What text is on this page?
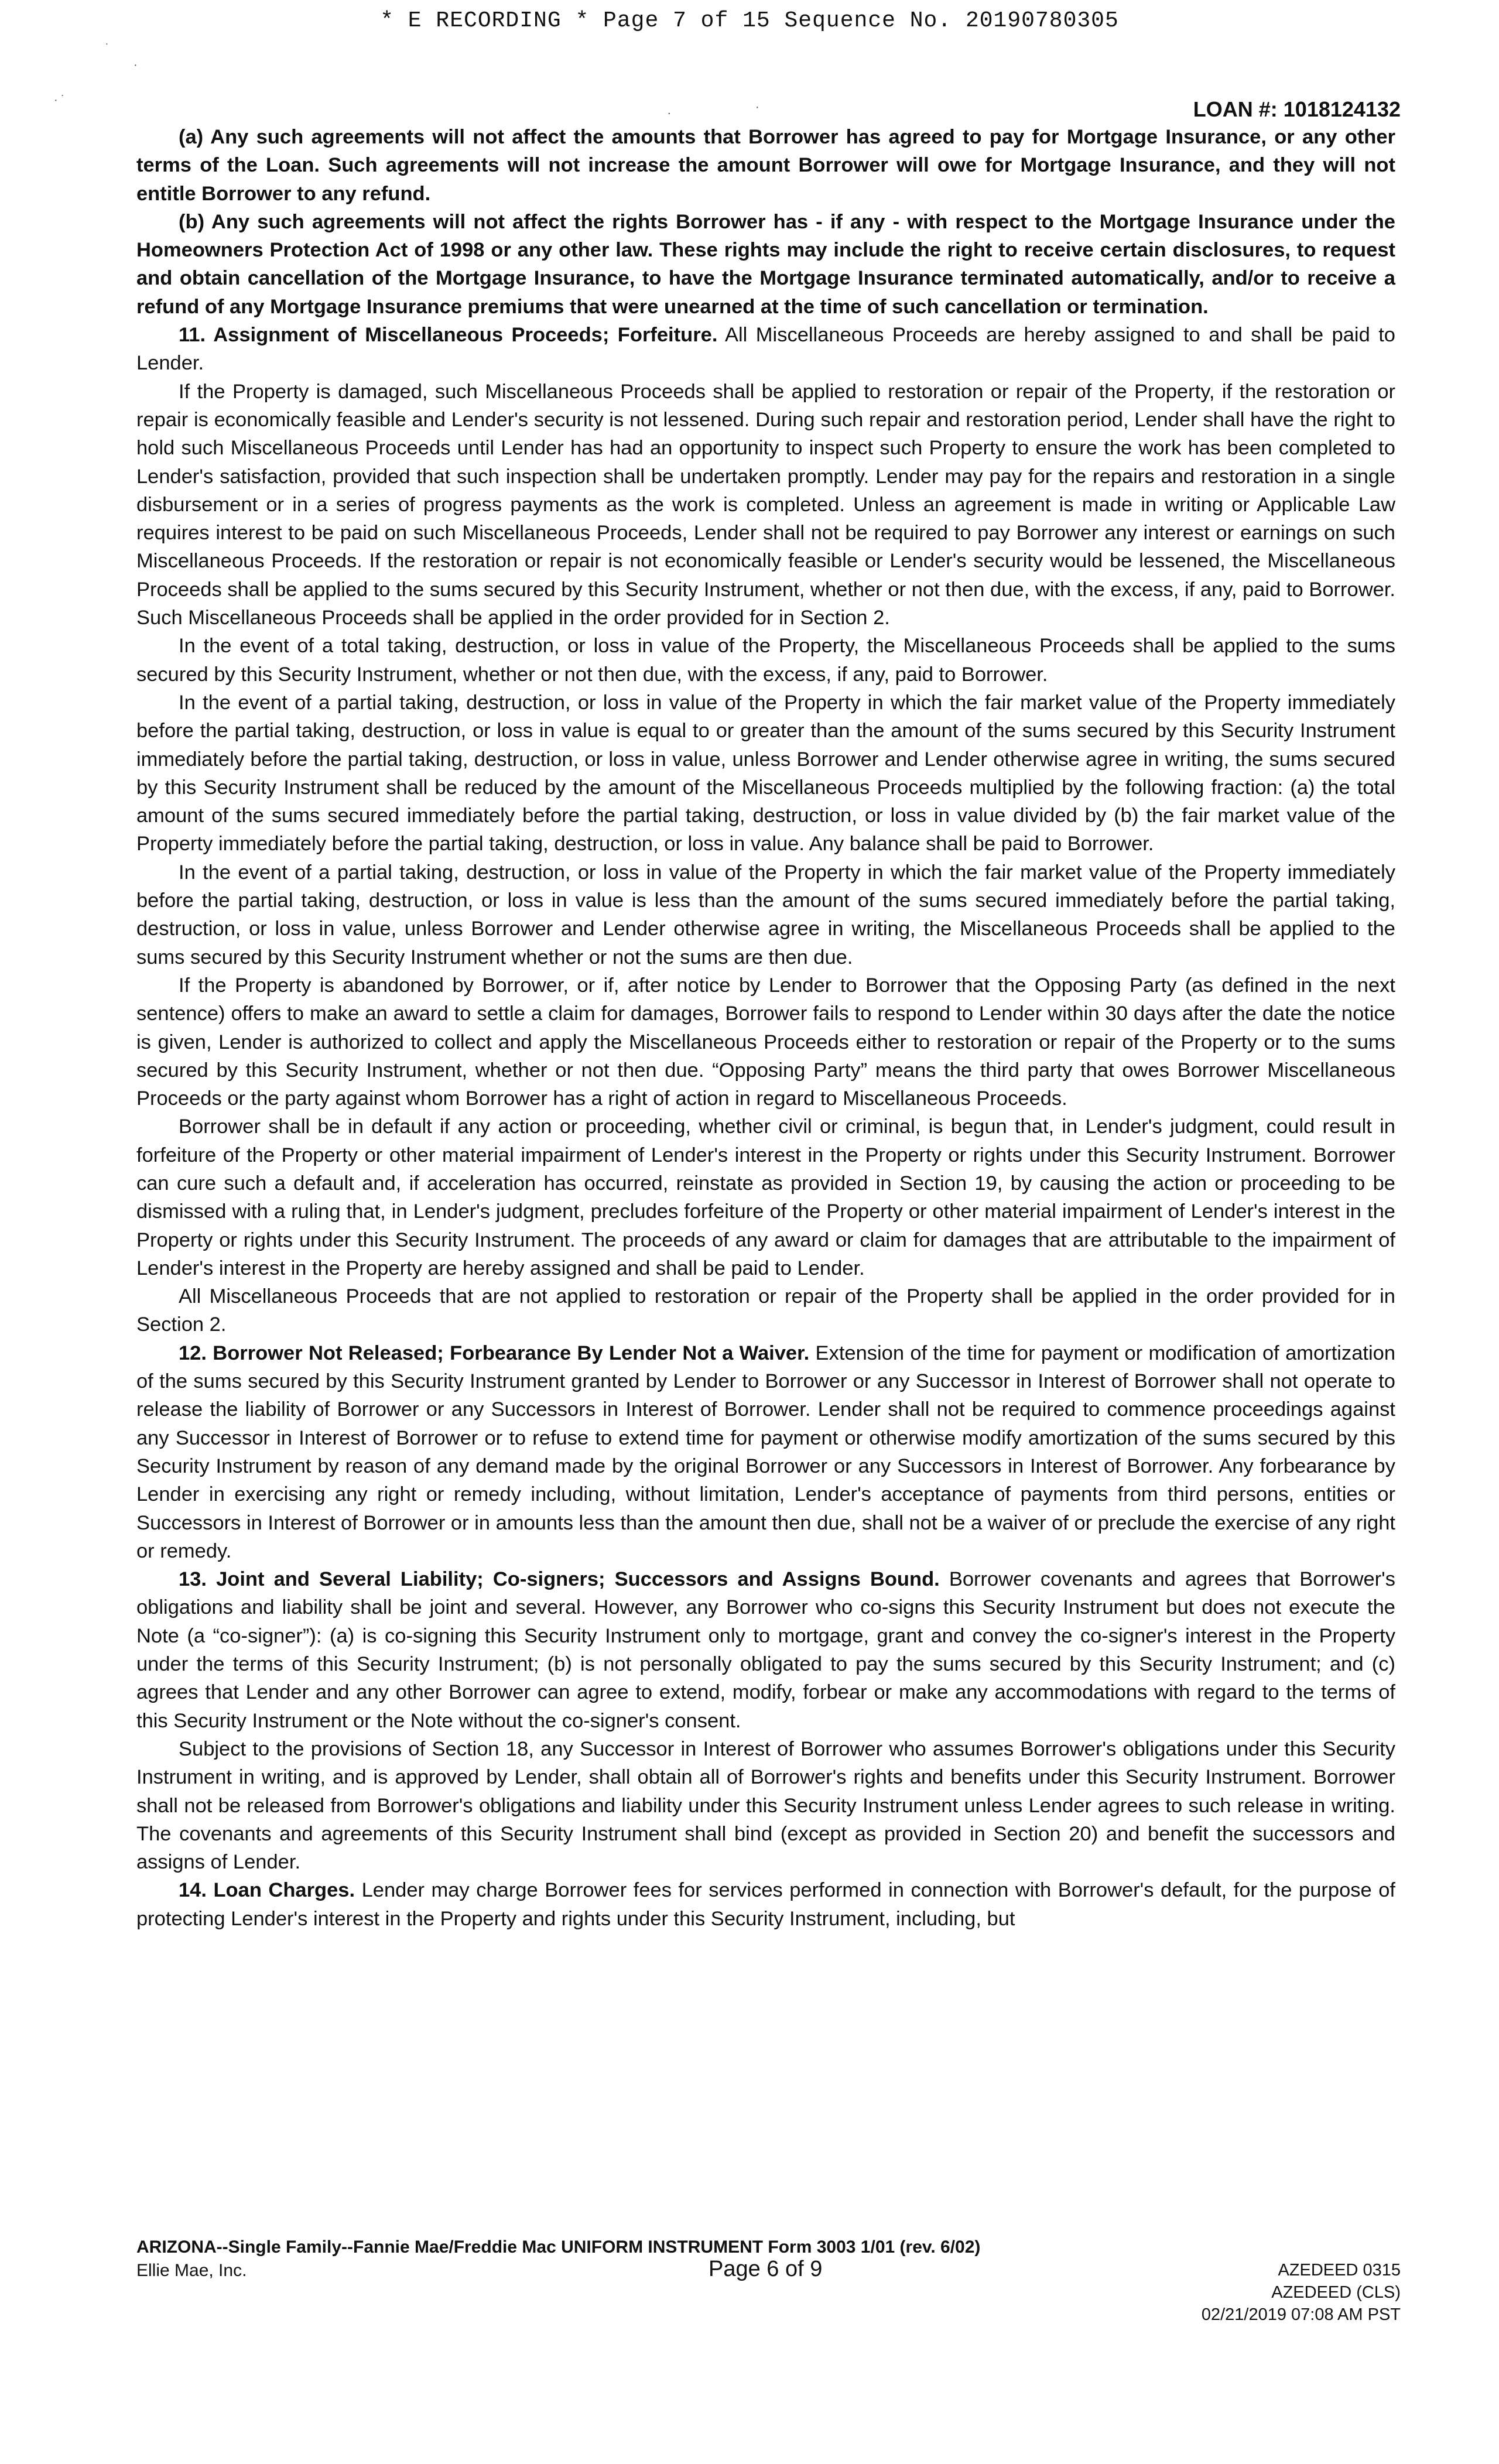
* E RECORDING * Page 7 of 15 Sequence No. 20190780305
˙
·
· ˙
.	·	LOAN #: 1018124132

(a) Any such agreements will not affect the amounts that Borrower has agreed to pay for Mortgage Insurance, or any other terms of the Loan. Such agreements will not increase the amount Borrower will owe for Mortgage Insurance, and they will not entitle Borrower to any refund.

(b) Any such agreements will not affect the rights Borrower has - if any - with respect to the Mortgage Insurance under the Homeowners Protection Act of 1998 or any other law. These rights may include the right to receive certain disclosures, to request and obtain cancellation of the Mortgage Insurance, to have the Mortgage Insurance terminated automatically, and/or to receive a refund of any Mortgage Insurance premiums that were unearned at the time of such cancellation or termination.

11. Assignment of Miscellaneous Proceeds; Forfeiture. All Miscellaneous Proceeds are hereby assigned to and shall be paid to Lender.

If the Property is damaged, such Miscellaneous Proceeds shall be applied to restoration or repair of the Property, if the restoration or repair is economically feasible and Lender's security is not lessened. During such repair and restoration period, Lender shall have the right to hold such Miscellaneous Proceeds until Lender has had an opportunity to inspect such Property to ensure the work has been completed to Lender's satisfaction, provided that such inspection shall be undertaken promptly. Lender may pay for the repairs and restoration in a single disbursement or in a series of progress payments as the work is completed. Unless an agreement is made in writing or Applicable Law requires interest to be paid on such Miscellaneous Proceeds, Lender shall not be required to pay Borrower any interest or earnings on such Miscellaneous Proceeds. If the restoration or repair is not economically feasible or Lender's security would be lessened, the Miscellaneous Proceeds shall be applied to the sums secured by this Security Instrument, whether or not then due, with the excess, if any, paid to Borrower. Such Miscellaneous Proceeds shall be applied in the order provided for in Section 2.

In the event of a total taking, destruction, or loss in value of the Property, the Miscellaneous Proceeds shall be applied to the sums secured by this Security Instrument, whether or not then due, with the excess, if any, paid to Borrower.

In the event of a partial taking, destruction, or loss in value of the Property in which the fair market value of the Property immediately before the partial taking, destruction, or loss in value is equal to or greater than the amount of the sums secured by this Security Instrument immediately before the partial taking, destruction, or loss in value, unless Borrower and Lender otherwise agree in writing, the sums secured by this Security Instrument shall be reduced by the amount of the Miscellaneous Proceeds multiplied by the following fraction: (a) the total amount of the sums secured immediately before the partial taking, destruction, or loss in value divided by (b) the fair market value of the Property immediately before the partial taking, destruction, or loss in value. Any balance shall be paid to Borrower.

In the event of a partial taking, destruction, or loss in value of the Property in which the fair market value of the Property immediately before the partial taking, destruction, or loss in value is less than the amount of the sums secured immediately before the partial taking, destruction, or loss in value, unless Borrower and Lender otherwise agree in writing, the Miscellaneous Proceeds shall be applied to the sums secured by this Security Instrument whether or not the sums are then due.

If the Property is abandoned by Borrower, or if, after notice by Lender to Borrower that the Opposing Party (as defined in the next sentence) offers to make an award to settle a claim for damages, Borrower fails to respond to Lender within 30 days after the date the notice is given, Lender is authorized to collect and apply the Miscellaneous Proceeds either to restoration or repair of the Property or to the sums secured by this Security Instrument, whether or not then due. “Opposing Party” means the third party that owes Borrower Miscellaneous Proceeds or the party against whom Borrower has a right of action in regard to Miscellaneous Proceeds.

Borrower shall be in default if any action or proceeding, whether civil or criminal, is begun that, in Lender's judgment, could result in forfeiture of the Property or other material impairment of Lender's interest in the Property or rights under this Security Instrument. Borrower can cure such a default and, if acceleration has occurred, reinstate as provided in Section 19, by causing the action or proceeding to be dismissed with a ruling that, in Lender's judgment, precludes forfeiture of the Property or other material impairment of Lender's interest in the Property or rights under this Security Instrument. The proceeds of any award or claim for damages that are attributable to the impairment of Lender's interest in the Property are hereby assigned and shall be paid to Lender.

All Miscellaneous Proceeds that are not applied to restoration or repair of the Property shall be applied in the order provided for in Section 2.

12. Borrower Not Released; Forbearance By Lender Not a Waiver. Extension of the time for payment or modification of amortization of the sums secured by this Security Instrument granted by Lender to Borrower or any Successor in Interest of Borrower shall not operate to release the liability of Borrower or any Successors in Interest of Borrower. Lender shall not be required to commence proceedings against any Successor in Interest of Borrower or to refuse to extend time for payment or otherwise modify amortization of the sums secured by this Security Instrument by reason of any demand made by the original Borrower or any Successors in Interest of Borrower. Any forbearance by Lender in exercising any right or remedy including, without limitation, Lender's acceptance of payments from third persons, entities or Successors in Interest of Borrower or in amounts less than the amount then due, shall not be a waiver of or preclude the exercise of any right or remedy.

13. Joint and Several Liability; Co-signers; Successors and Assigns Bound. Borrower covenants and agrees that Borrower's obligations and liability shall be joint and several. However, any Borrower who co-signs this Security Instrument but does not execute the Note (a “co-signer”): (a) is co-signing this Security Instrument only to mortgage, grant and convey the co-signer's interest in the Property under the terms of this Security Instrument; (b) is not personally obligated to pay the sums secured by this Security Instrument; and (c) agrees that Lender and any other Borrower can agree to extend, modify, forbear or make any accommodations with regard to the terms of this Security Instrument or the Note without the co-signer's consent.

Subject to the provisions of Section 18, any Successor in Interest of Borrower who assumes Borrower's obligations under this Security Instrument in writing, and is approved by Lender, shall obtain all of Borrower's rights and benefits under this Security Instrument. Borrower shall not be released from Borrower's obligations and liability under this Security Instrument unless Lender agrees to such release in writing. The covenants and agreements of this Security Instrument shall bind (except as provided in Section 20) and benefit the successors and assigns of Lender.

14. Loan Charges. Lender may charge Borrower fees for services performed in connection with Borrower's default, for the purpose of protecting Lender's interest in the Property and rights under this Security Instrument, including, but

ARIZONA--Single Family--Fannie Mae/Freddie Mac UNIFORM INSTRUMENT Form 3003 1/01 (rev. 6/02)
Ellie Mae, Inc.	Page 6 of 9	AZEDEED 0315
AZEDEED (CLS)
02/21/2019 07:08 AM PST
